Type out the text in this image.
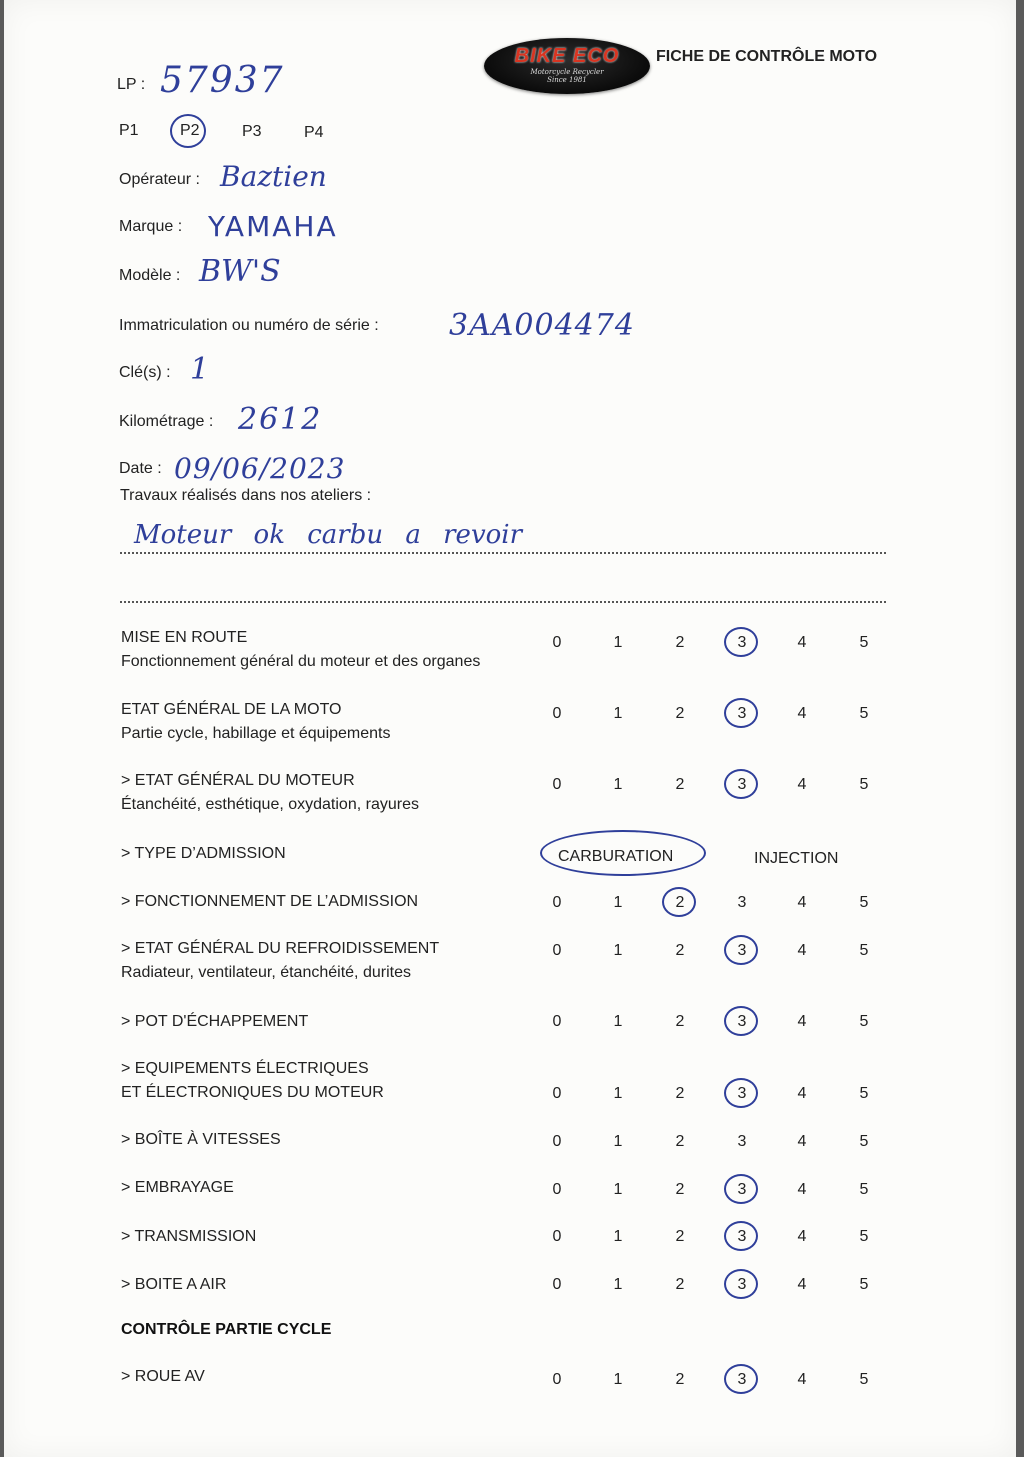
BIKE ECO
Motorcycle Recycler
Since 1981
FICHE DE CONTRÔLE MOTO
LP : 57937
P1	P2	P3	P4
Opérateur : Baztien
Marque : YAMAHA
Modèle : BW'S
Immatriculation ou numéro de série : 3AA004474
Clé(s) : 1
Kilométrage : 2612
Date : 09/06/2023
Travaux réalisés dans nos ateliers :
Moteur ok carbu a revoir
CONTRÔLE PARTIE CYCLE
MISE EN ROUTE
Fonctionnement général du moteur et des organes
0	1	2	3	4	5
ETAT GÉNÉRAL DE LA MOTO
Partie cycle, habillage et équipements
0	1	2	3	4	5
> ETAT GÉNÉRAL DU MOTEUR
Étanchéité, esthétique, oxydation, rayures
0	1	2	3	4	5
> TYPE D’ADMISSION	CARBURATION	INJECTION
> FONCTIONNEMENT DE L’ADMISSION	0	1	2	3	4	5
> ETAT GÉNÉRAL DU REFROIDISSEMENT
Radiateur, ventilateur, étanchéité, durites
0	1	2	3	4	5
> POT D'ÉCHAPPEMENT	0	1	2	3	4	5
> EQUIPEMENTS ÉLECTRIQUES
ET ÉLECTRONIQUES DU MOTEUR	0	1	2	3	4	5
> BOÎTE À VITESSES	0	1	2	3	4	5
> EMBRAYAGE	0	1	2	3	4	5
> TRANSMISSION	0	1	2	3	4	5
> BOITE A AIR	0	1	2	3	4	5
> ROUE AV	0	1	2	3	4	5
